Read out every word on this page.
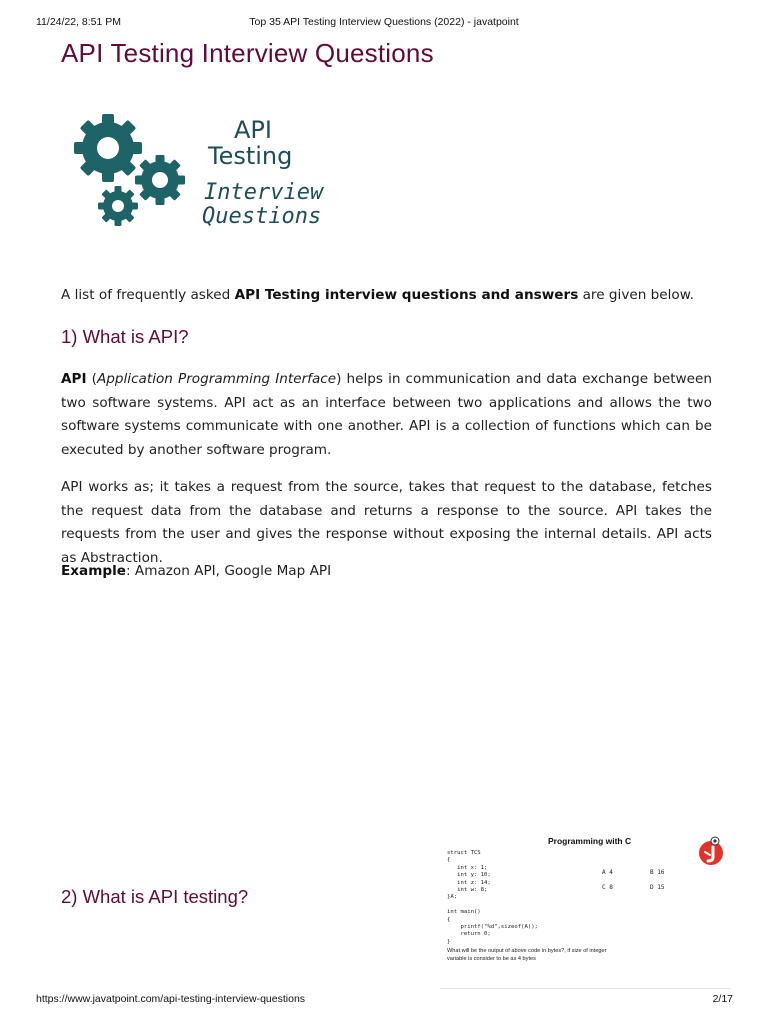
11/24/22, 8:51 PM	Top 35 API Testing Interview Questions (2022) - javatpoint
API Testing Interview Questions
API
Testing
Interview
Questions

A list of frequently asked API Testing interview questions and answers are given below.

1) What is API?

API (Application Programming Interface) helps in communication and data exchange between two software systems. API act as an interface between two applications and allows the two software systems communicate with one another. API is a collection of functions which can be executed by another software program.

API works as; it takes a request from the source, takes that request to the database, fetches the request data from the database and returns a response to the source. API takes the requests from the user and gives the response without exposing the internal details. API acts as Abstraction.

Example: Amazon API, Google Map API

2) What is API testing?
Programming with C
struct TCS
{
int x: 1;
int y: 10;
int z: 14;
int w: 8;
}A;

int main()
{
printf("%d",sizeof(A));
return 0;
}
A 4	B 16
C 8	D 15
What will be the output of above code in bytes?, if size of integer variable is consider to be as 4 bytes
https://www.javatpoint.com/api-testing-interview-questions	2/17
